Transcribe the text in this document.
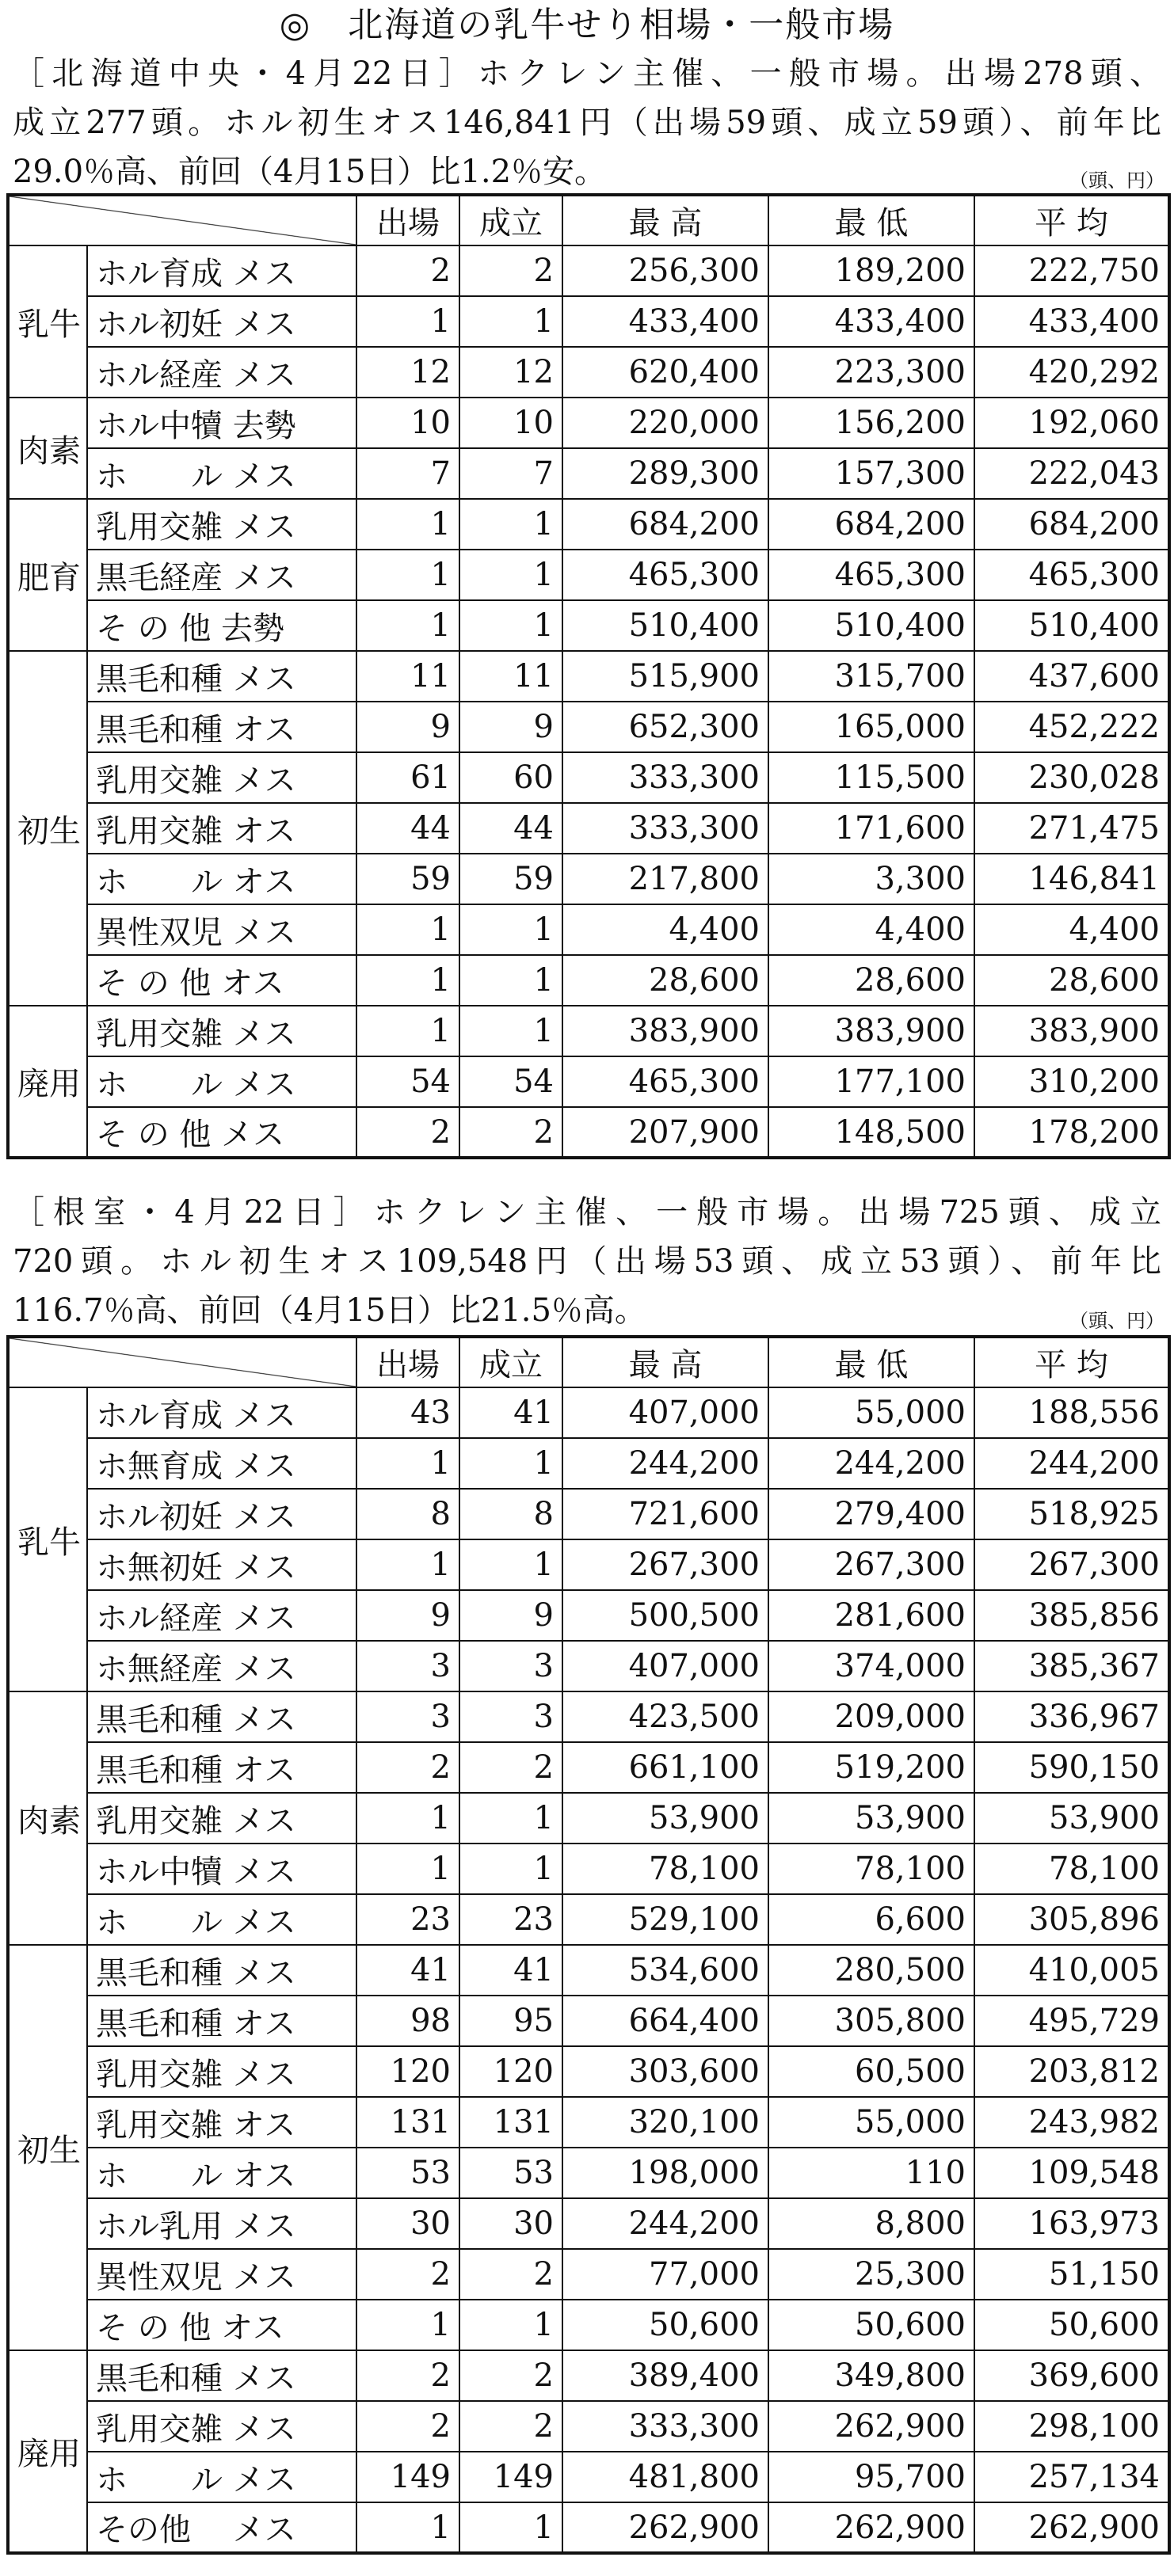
◎　北海道の乳牛せり相場・一般市場
［北海道中央・4月22日］ホクレン主催、一般市場。出場278頭、
成立277頭。ホル初生オス146,841円（出場59頭、成立59頭）、前年比
29.0％高、前回（4月15日）比1.2％安。	（頭、円）
		出場	成立	最 高	最 低	平 均
乳牛	ホル育成 メス	2	2	256,300	189,200	222,750
	ホル初妊 メス	1	1	433,400	433,400	433,400
	ホル経産 メス	12	12	620,400	223,300	420,292
肉素	ホル中犢 去勢	10	10	220,000	156,200	192,060
	ホ　　ル メス	7	7	289,300	157,300	222,043
肥育	乳用交雑 メス	1	1	684,200	684,200	684,200
	黒毛経産 メス	1	1	465,300	465,300	465,300
	そ の 他 去勢	1	1	510,400	510,400	510,400
初生	黒毛和種 メス	11	11	515,900	315,700	437,600
	黒毛和種 オス	9	9	652,300	165,000	452,222
	乳用交雑 メス	61	60	333,300	115,500	230,028
	乳用交雑 オス	44	44	333,300	171,600	271,475
	ホ　　ル オス	59	59	217,800	3,300	146,841
	異性双児 メス	1	1	4,400	4,400	4,400
	そ の 他 オス	1	1	28,600	28,600	28,600
廃用	乳用交雑 メス	1	1	383,900	383,900	383,900
	ホ　　ル メス	54	54	465,300	177,100	310,200
	そ の 他 メス	2	2	207,900	148,500	178,200
［根室・4月22日］ホクレン主催、一般市場。出場725頭、成立
720頭。ホル初生オス109,548円（出場53頭、成立53頭）、前年比
116.7％高、前回（4月15日）比21.5％高。	（頭、円）
		出場	成立	最 高	最 低	平 均
乳牛	ホル育成 メス	43	41	407,000	55,000	188,556
	ホ無育成 メス	1	1	244,200	244,200	244,200
	ホル初妊 メス	8	8	721,600	279,400	518,925
	ホ無初妊 メス	1	1	267,300	267,300	267,300
	ホル経産 メス	9	9	500,500	281,600	385,856
	ホ無経産 メス	3	3	407,000	374,000	385,367
肉素	黒毛和種 メス	3	3	423,500	209,000	336,967
	黒毛和種 オス	2	2	661,100	519,200	590,150
	乳用交雑 メス	1	1	53,900	53,900	53,900
	ホル中犢 メス	1	1	78,100	78,100	78,100
	ホ　　ル メス	23	23	529,100	6,600	305,896
初生	黒毛和種 メス	41	41	534,600	280,500	410,005
	黒毛和種 オス	98	95	664,400	305,800	495,729
	乳用交雑 メス	120	120	303,600	60,500	203,812
	乳用交雑 オス	131	131	320,100	55,000	243,982
	ホ　　ル オス	53	53	198,000	110	109,548
	ホル乳用 メス	30	30	244,200	8,800	163,973
	異性双児 メス	2	2	77,000	25,300	51,150
	そ の 他 オス	1	1	50,600	50,600	50,600
廃用	黒毛和種 メス	2	2	389,400	349,800	369,600
	乳用交雑 メス	2	2	333,300	262,900	298,100
	ホ　　ル メス	149	149	481,800	95,700	257,134
	その他　 メス	1	1	262,900	262,900	262,900
